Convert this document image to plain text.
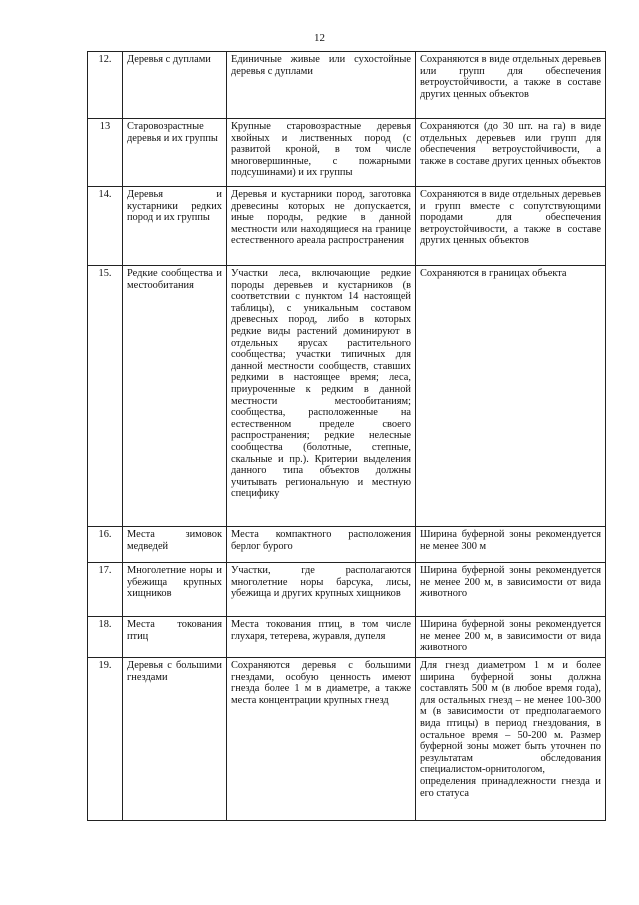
12
12.	Деревья с дуплами	Единичные живые или сухостойные деревья с дуплами	Сохраняются в виде отдельных деревьев или групп для обеспечения ветроустойчивости, а также в составе других ценных объектов
13	Старовозрастные деревья и их группы	Крупные старовозрастные деревья хвойных и лиственных пород (с развитой кроной, в том числе многовершинные, с пожарными подсушинами) и их группы	Сохраняются (до 30 шт. на га) в виде отдельных деревьев или групп для обеспечения ветроустойчивости, а также в составе других ценных объектов
14.	Деревья и кустарники редких пород и их группы	Деревья и кустарники пород, заготовка древесины которых не допускается, иные породы, редкие в данной местности или находящиеся на границе естественного ареала распространения	Сохраняются в виде отдельных деревьев и групп вместе с сопутствующими породами для обеспечения ветроустойчивости, а также в составе других ценных объектов
15.	Редкие сообщества и местообитания	Участки леса, включающие редкие породы деревьев и кустарников (в соответствии с пунктом 14 настоящей таблицы), с уникальным составом древесных пород, либо в которых редкие виды растений доминируют в отдельных ярусах растительного сообщества; участки типичных для данной местности сообществ, ставших редкими в настоящее время; леса, приуроченные к редким в данной местности местообитаниям; сообщества, расположенные на естественном пределе своего распространения; редкие нелесные сообщества (болотные, степные, скальные и пр.). Критерии выделения данного типа объектов должны учитывать региональную и местную специфику	Сохраняются в границах объекта
16.	Места зимовок медведей	Места компактного расположения берлог бурого	Ширина буферной зоны рекомендуется не менее 300 м
17.	Многолетние норы и убежища крупных хищников	Участки, где располагаются многолетние норы барсука, лисы, убежища и других крупных хищников	Ширина буферной зоны рекомендуется не менее 200 м, в зависимости от вида животного
18.	Места токования птиц	Места токования птиц, в том числе глухаря, тетерева, журавля, дупеля	Ширина буферной зоны рекомендуется не менее 200 м, в зависимости от вида животного
19.	Деревья с большими гнездами	Сохраняются деревья с большими гнездами, особую ценность имеют гнезда более 1 м в диаметре, а также места концентрации крупных гнезд	Для гнезд диаметром 1 м и более ширина буферной зоны должна составлять 500 м (в любое время года), для остальных гнезд – не менее 100-300 м (в зависимости от предполагаемого вида птицы) в период гнездования, в остальное время – 50-200 м. Размер буферной зоны может быть уточнен по результатам обследования специалистом-орнитологом, определения принадлежности гнезда и его статуса
